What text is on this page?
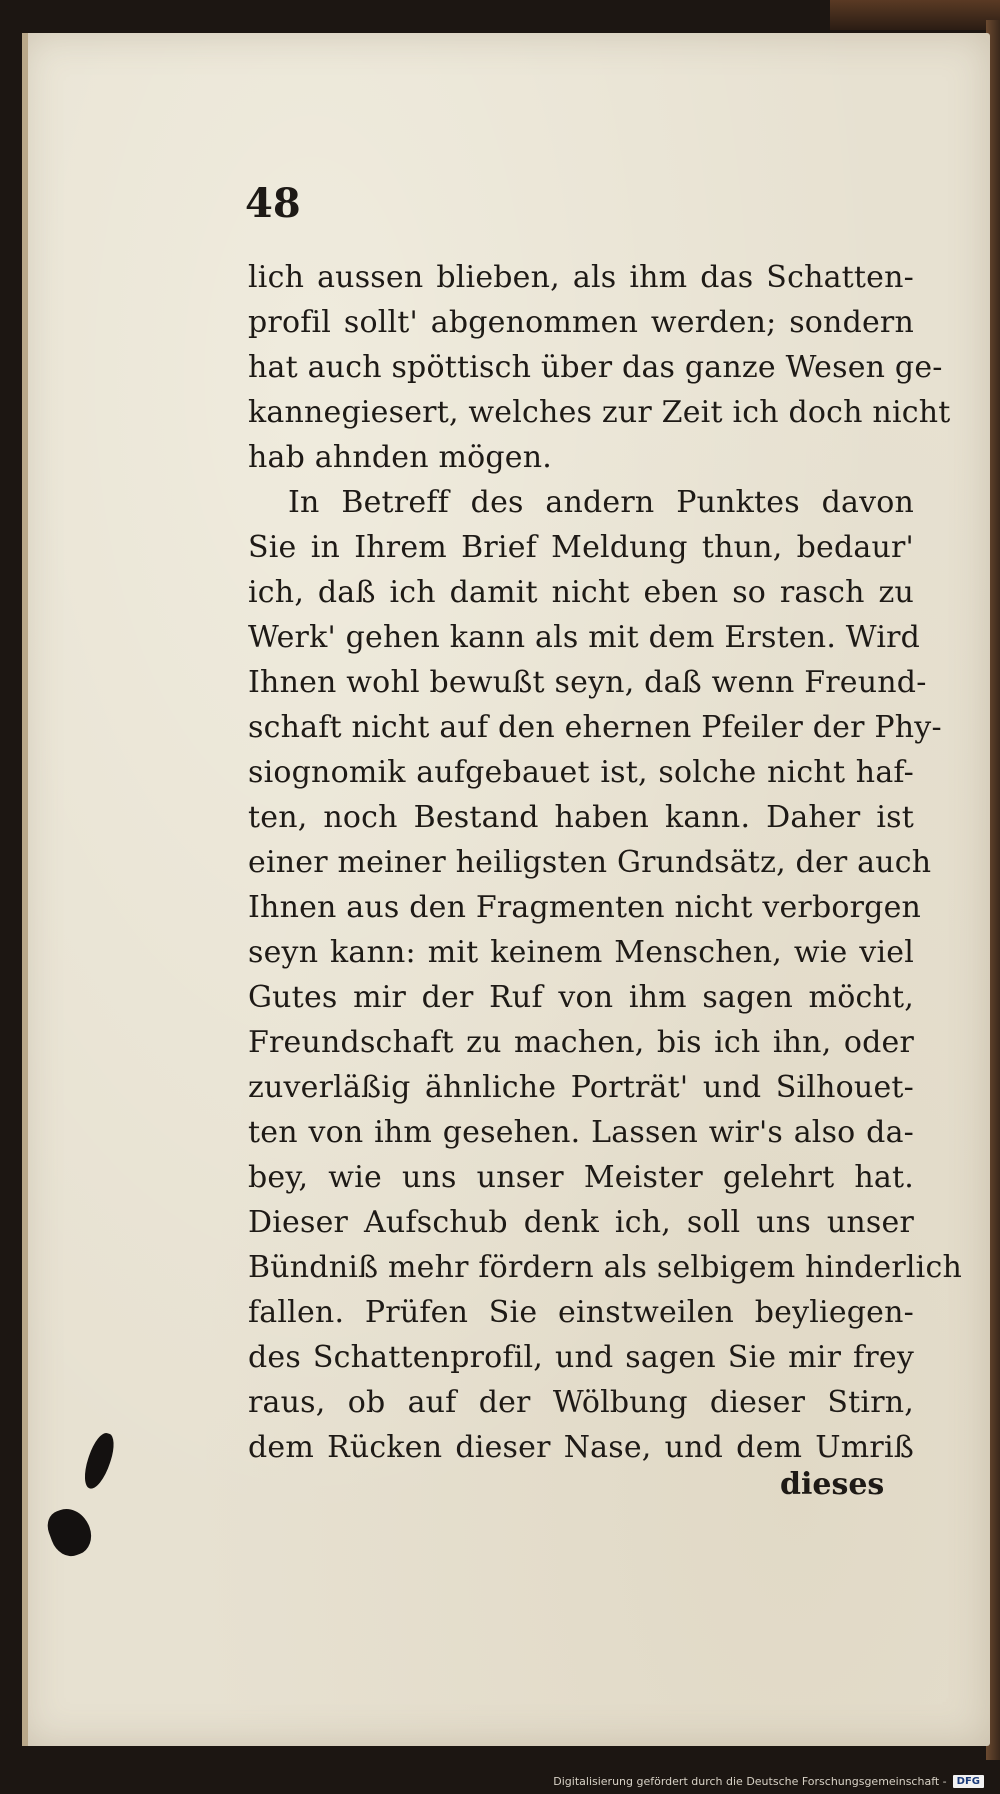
48
lich aussen blieben, als ihm das Schatten-
profil sollt' abgenommen werden; sondern
hat auch spöttisch über das ganze Wesen ge-
kannegiesert, welches zur Zeit ich doch nicht
hab ahnden mögen.
In Betreff des andern Punktes davon
Sie in Ihrem Brief Meldung thun, bedaur'
ich, daß ich damit nicht eben so rasch zu
Werk' gehen kann als mit dem Ersten. Wird
Ihnen wohl bewußt seyn, daß wenn Freund-
schaft nicht auf den ehernen Pfeiler der Phy-
siognomik aufgebauet ist, solche nicht haf-
ten, noch Bestand haben kann. Daher ist
einer meiner heiligsten Grundsätz, der auch
Ihnen aus den Fragmenten nicht verborgen
seyn kann: mit keinem Menschen, wie viel
Gutes mir der Ruf von ihm sagen möcht,
Freundschaft zu machen, bis ich ihn, oder
zuverläßig ähnliche Porträt' und Silhouet-
ten von ihm gesehen. Lassen wir's also da-
bey, wie uns unser Meister gelehrt hat.
Dieser Aufschub denk ich, soll uns unser
Bündniß mehr fördern als selbigem hinderlich
fallen. Prüfen Sie einstweilen beyliegen-
des Schattenprofil, und sagen Sie mir frey
raus, ob auf der Wölbung dieser Stirn,
dem Rücken dieser Nase, und dem Umriß
dieses
Digitalisierung gefördert durch die Deutsche Forschungsgemeinschaft -	DFG
